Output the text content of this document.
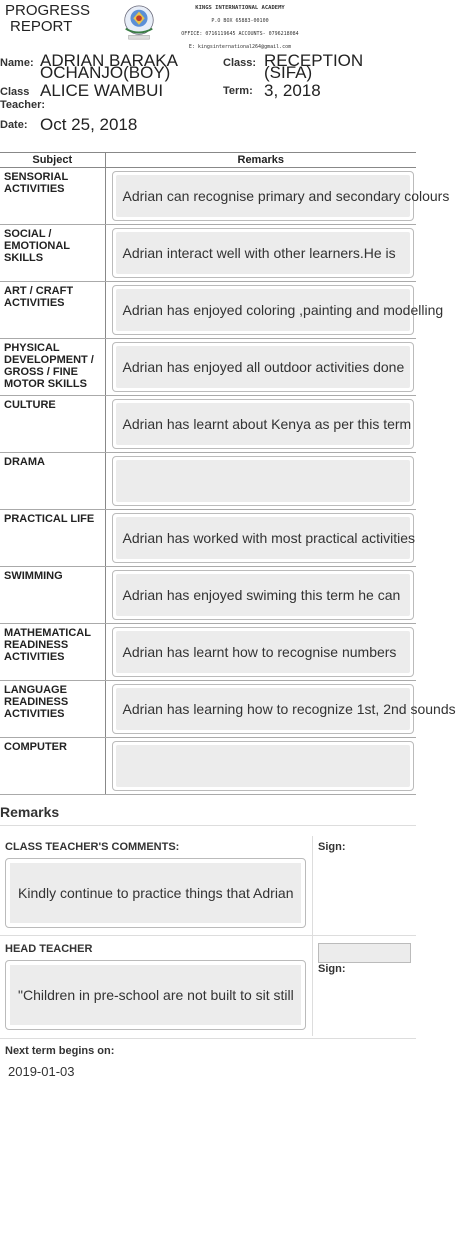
PROGRESS
REPORT
KINGS INTERNATIONAL ACADEMY
P.O BOX 65883-00100
OFFICE: 0716119645 ACCOUNTS- 0796218084
E: kingsinternational264@gmail.com
Name: ADRIAN BARAKA OCHANJO(BOY)	Class: RECEPTION (SIFA)
Class Teacher:
ALICE WAMBUI	Term: 3, 2018
Date: Oct 25, 2018
Subject	Remarks
SENSORIAL ACTIVITIES	Adrian can recognise primary and secondary colours

SOCIAL / EMOTIONAL SKILLS	Adrian interact well with other learners.He is

ART / CRAFT ACTIVITIES	Adrian has enjoyed coloring ,painting and modelling

PHYSICAL DEVELOPMENT / GROSS / FINE MOTOR SKILLS	Adrian has enjoyed all outdoor activities done

CULTURE	Adrian has learnt about Kenya as per this term

DRAMA	

PRACTICAL LIFE	Adrian has worked with most practical activities

SWIMMING	Adrian has enjoyed swiming this term he can

MATHEMATICAL READINESS ACTIVITIES	Adrian has learnt how to recognise numbers

LANGUAGE READINESS ACTIVITIES	Adrian has learning how to recognize 1st, 2nd sounds

COMPUTER	
Remarks
CLASS TEACHER'S COMMENTS:	Sign:
Kindly continue to practice things that Adrian
HEAD TEACHER
Sign:
"Children in pre-school are not built to sit still
Next term begins on:
2019-01-03
